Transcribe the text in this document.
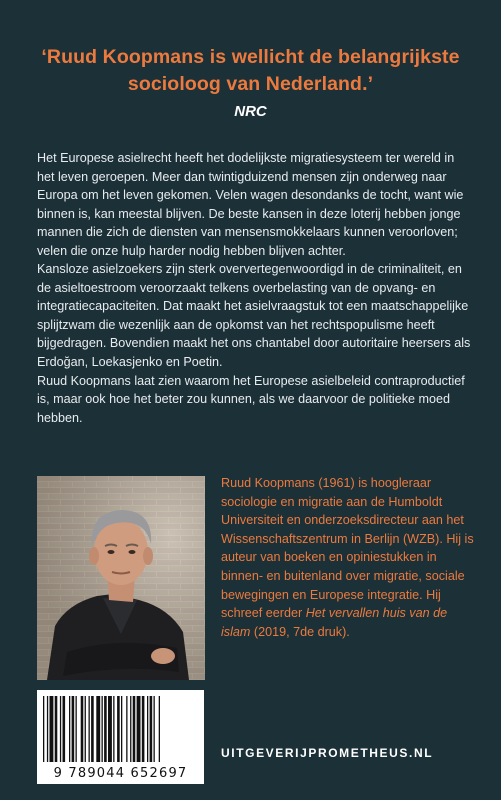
‘Ruud Koopmans is wellicht de belangrijkste socioloog van Nederland.’
NRC

Het Europese asielrecht heeft het dodelijkste migratiesysteem ter wereld in het leven geroepen. Meer dan twintigduizend mensen zijn onderweg naar Europa om het leven gekomen. Velen wagen desondanks de tocht, want wie binnen is, kan meestal blijven. De beste kansen in deze loterij hebben jonge mannen die zich de diensten van mensensmokkelaars kunnen veroorloven; velen die onze hulp harder nodig hebben blijven achter.

Kansloze asielzoekers zijn sterk oververtegenwoordigd in de criminaliteit, en de asieltoestroom veroorzaakt telkens overbelasting van de opvang- en integratiecapaciteiten. Dat maakt het asielvraagstuk tot een maatschappelijke splijtzwam die wezenlijk aan de opkomst van het rechtspopulisme heeft bijgedragen. Bovendien maakt het ons chantabel door autoritaire heersers als Erdoğan, Loekasjenko en Poetin.

Ruud Koopmans laat zien waarom het Europese asielbeleid contraproductief is, maar ook hoe het beter zou kunnen, als we daarvoor de politieke moed hebben.

Ruud Koopmans (1961) is hoogleraar sociologie en migratie aan de Humboldt Universiteit en onderzoeksdirecteur aan het Wissenschaftszentrum in Berlijn (WZB). Hij is auteur van boeken en opiniestukken in binnen- en buitenland over migratie, sociale bewegingen en Europese integratie. Hij schreef eerder Het vervallen huis van de islam (2019, 7de druk).
9 789044 652697
UITGEVERIJPROMETHEUS.NL
